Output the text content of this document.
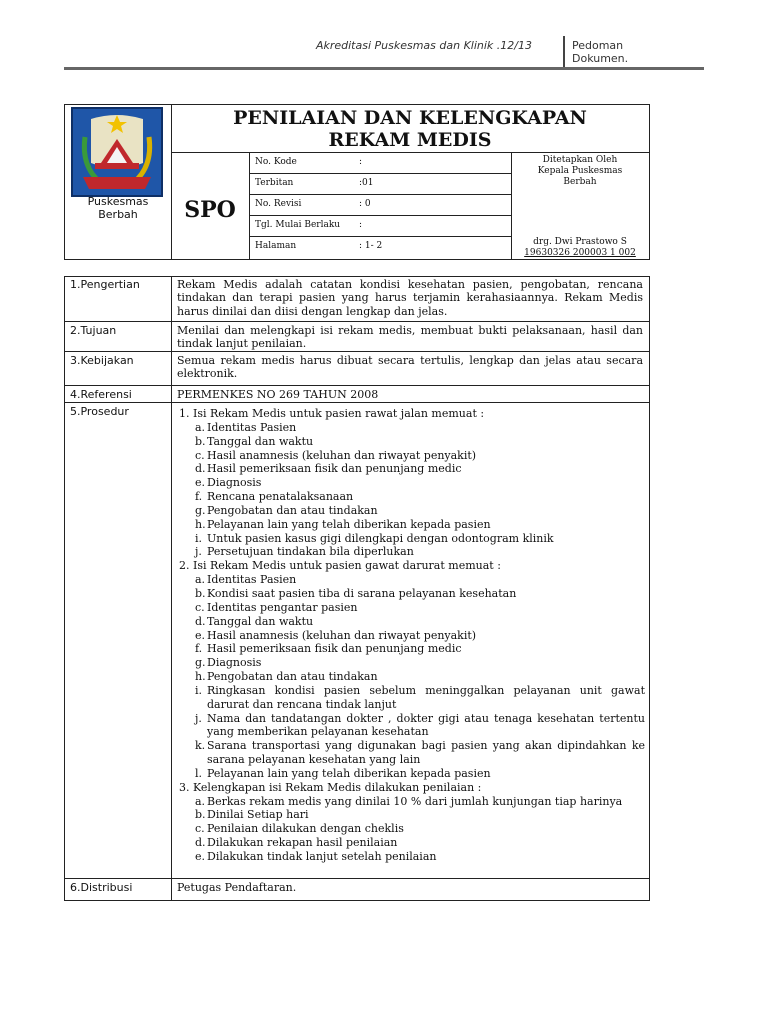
Akreditasi Puskesmas dan Klinik .12/13	Pedoman
Dokumen.
Puskesmas
Berbah
PENILAIAN DAN KELENGKAPAN
REKAM MEDIS
SPO
No. Kode	:
Terbitan	:01
No. Revisi	: 0
Tgl. Mulai Berlaku :
Halaman	: 1- 2
Ditetapkan Oleh
Kepala Puskesmas
Berbah
drg. Dwi Prastowo S
19630326 200003 1 002
1.Pengertian	Rekam Medis adalah catatan kondisi kesehatan pasien, pengobatan, rencana tindakan dan terapi pasien yang harus terjamin kerahasiaannya. Rekam Medis harus dinilai dan diisi dengan lengkap dan jelas.
2.Tujuan	Menilai dan melengkapi isi rekam medis, membuat bukti pelaksanaan, hasil dan tindak lanjut penilaian.
3.Kebijakan	Semua rekam medis harus dibuat secara tertulis, lengkap dan jelas atau secara elektronik.
4.Referensi	PERMENKES NO 269 TAHUN 2008
5.Prosedur	1. Isi Rekam Medis untuk pasien rawat jalan memuat :
a. Identitas Pasien
b. Tanggal dan waktu
c. Hasil anamnesis (keluhan dan riwayat penyakit)
d. Hasil pemeriksaan fisik dan penunjang medic
e. Diagnosis
f. Rencana penatalaksanaan
g. Pengobatan dan atau tindakan
h. Pelayanan lain yang telah diberikan kepada pasien
i. Untuk pasien kasus gigi dilengkapi dengan odontogram klinik
j. Persetujuan tindakan bila diperlukan
2. Isi Rekam Medis untuk pasien gawat darurat memuat :
a. Identitas Pasien
b. Kondisi saat pasien tiba di sarana pelayanan kesehatan
c. Identitas pengantar pasien
d. Tanggal dan waktu
e. Hasil anamnesis (keluhan dan riwayat penyakit)
f. Hasil pemeriksaan fisik dan penunjang medic
g. Diagnosis
h. Pengobatan dan atau tindakan
i. Ringkasan kondisi pasien sebelum meninggalkan pelayanan unit gawat darurat dan rencana tindak lanjut
j. Nama dan tandatangan dokter , dokter gigi atau tenaga kesehatan tertentu yang memberikan pelayanan kesehatan
k. Sarana transportasi yang digunakan bagi pasien yang akan dipindahkan ke sarana pelayanan kesehatan yang lain
l. Pelayanan lain yang telah diberikan kepada pasien
3. Kelengkapan isi Rekam Medis dilakukan penilaian :
a. Berkas rekam medis yang dinilai 10 % dari jumlah kunjungan tiap harinya
b. Dinilai Setiap hari
c. Penilaian dilakukan dengan cheklis
d. Dilakukan rekapan hasil penilaian
e. Dilakukan tindak lanjut setelah penilaian
6.Distribusi	Petugas Pendaftaran.
